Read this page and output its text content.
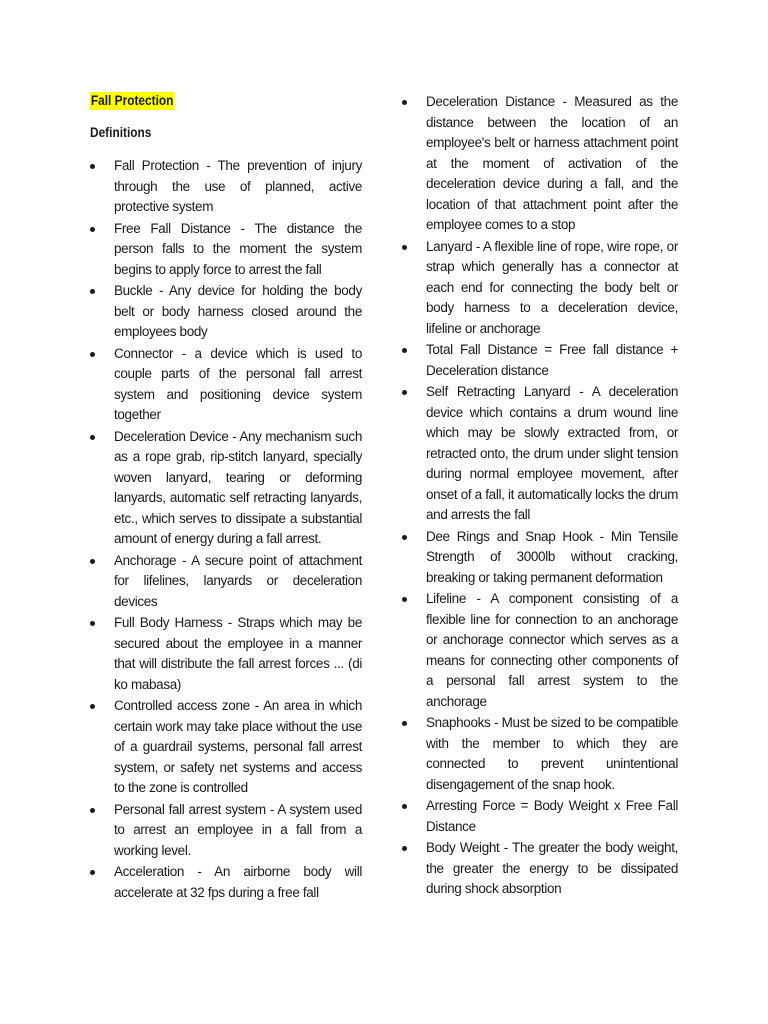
Fall Protection
Definitions
Fall Protection - The prevention of injury through the use of planned, active protective system
Free Fall Distance - The distance the person falls to the moment the system begins to apply force to arrest the fall
Buckle - Any device for holding the body belt or body harness closed around the employees body
Connector - a device which is used to couple parts of the personal fall arrest system and positioning device system together
Deceleration Device - Any mechanism such as a rope grab, rip-stitch lanyard, specially woven lanyard, tearing or deforming lanyards, automatic self retracting lanyards, etc., which serves to dissipate a substantial amount of energy during a fall arrest.
Anchorage - A secure point of attachment for lifelines, lanyards or deceleration devices
Full Body Harness - Straps which may be secured about the employee in a manner that will distribute the fall arrest forces ... (di ko mabasa)
Controlled access zone - An area in which certain work may take place without the use of a guardrail systems, personal fall arrest system, or safety net systems and access to the zone is controlled
Personal fall arrest system - A system used to arrest an employee in a fall from a working level.
Acceleration - An airborne body will accelerate at 32 fps during a free fall
Deceleration Distance - Measured as the distance between the location of an employee's belt or harness attachment point at the moment of activation of the deceleration device during a fall, and the location of that attachment point after the employee comes to a stop
Lanyard - A flexible line of rope, wire rope, or strap which generally has a connector at each end for connecting the body belt or body harness to a deceleration device, lifeline or anchorage
Total Fall Distance = Free fall distance + Deceleration distance
Self Retracting Lanyard - A deceleration device which contains a drum wound line which may be slowly extracted from, or retracted onto, the drum under slight tension during normal employee movement, after onset of a fall, it automatically locks the drum and arrests the fall
Dee Rings and Snap Hook - Min Tensile Strength of 3000lb without cracking, breaking or taking permanent deformation
Lifeline - A component consisting of a flexible line for connection to an anchorage or anchorage connector which serves as a means for connecting other components of a personal fall arrest system to the anchorage
Snaphooks - Must be sized to be compatible with the member to which they are connected to prevent unintentional disengagement of the snap hook.
Arresting Force = Body Weight x Free Fall Distance
Body Weight - The greater the body weight, the greater the energy to be dissipated during shock absorption
